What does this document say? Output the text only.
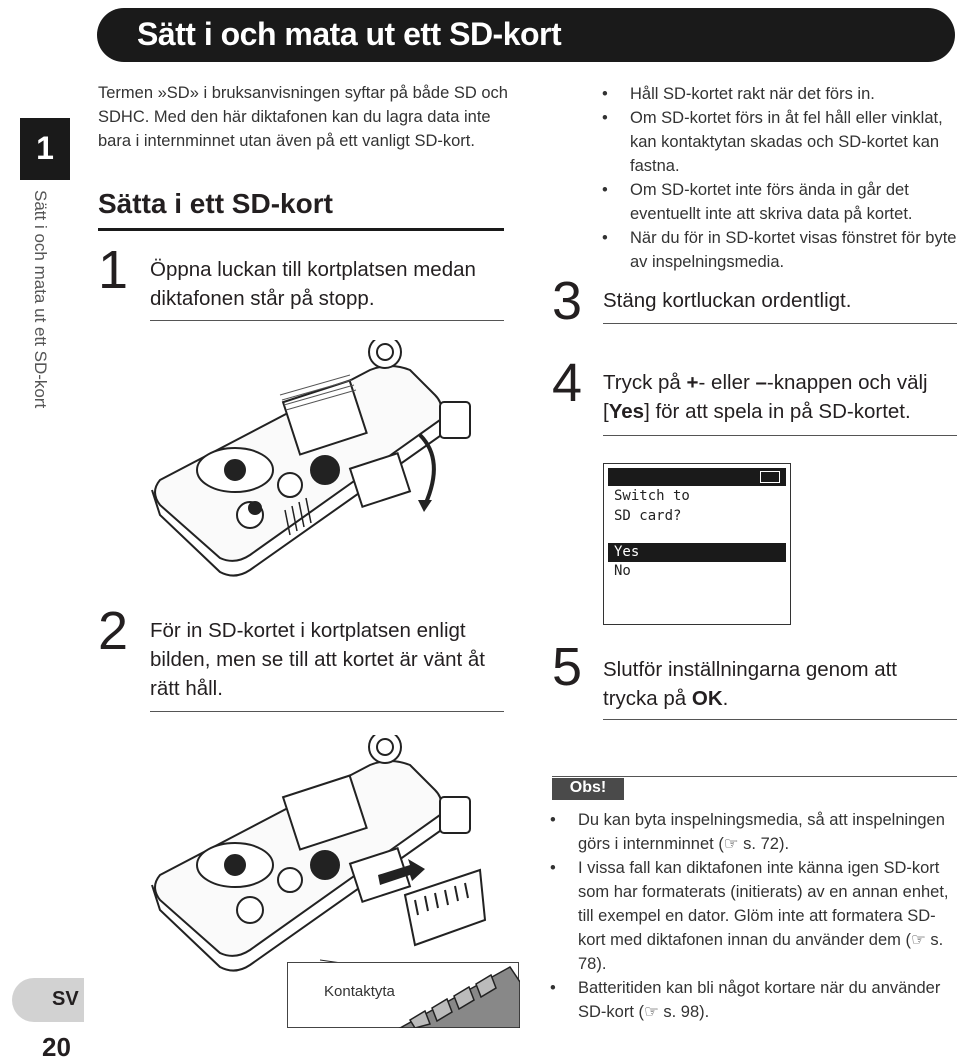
Sätt i och mata ut ett SD-kort
1
Sätt i och mata ut ett SD-kort
SV
20
Termen »SD» i bruksanvisningen syftar på både SD och SDHC. Med den här diktafonen kan du lagra data inte bara i internminnet utan även på ett vanligt SD-kort.
Sätta i ett SD-kort
1 Öppna luckan till kortplatsen medan diktafonen står på stopp.
2 För in SD-kortet i kortplatsen enligt bilden, men se till att kortet är vänt åt rätt håll.
Kontaktyta
• Håll SD-kortet rakt när det förs in.
• Om SD-kortet förs in åt fel håll eller vinklat, kan kontaktytan skadas och SD-kortet kan fastna.
• Om SD-kortet inte förs ända in går det eventuellt inte att skriva data på kortet.
• När du för in SD-kortet visas fönstret för byte av inspelningsmedia.
3 Stäng kortluckan ordentligt.
4 Tryck på +- eller –-knappen och välj [Yes] för att spela in på SD-kortet.
Switch to
SD card?
Yes
No
5 Slutför inställningarna genom att trycka på OK.
Obs!
• Du kan byta inspelningsmedia, så att inspelningen görs i internminnet (☞ s. 72).
• I vissa fall kan diktafonen inte känna igen SD-kort som har formaterats (initierats) av en annan enhet, till exempel en dator. Glöm inte att formatera SD-kort med diktafonen innan du använder dem (☞ s. 78).
• Batteritiden kan bli något kortare när du använder SD-kort (☞ s. 98).
